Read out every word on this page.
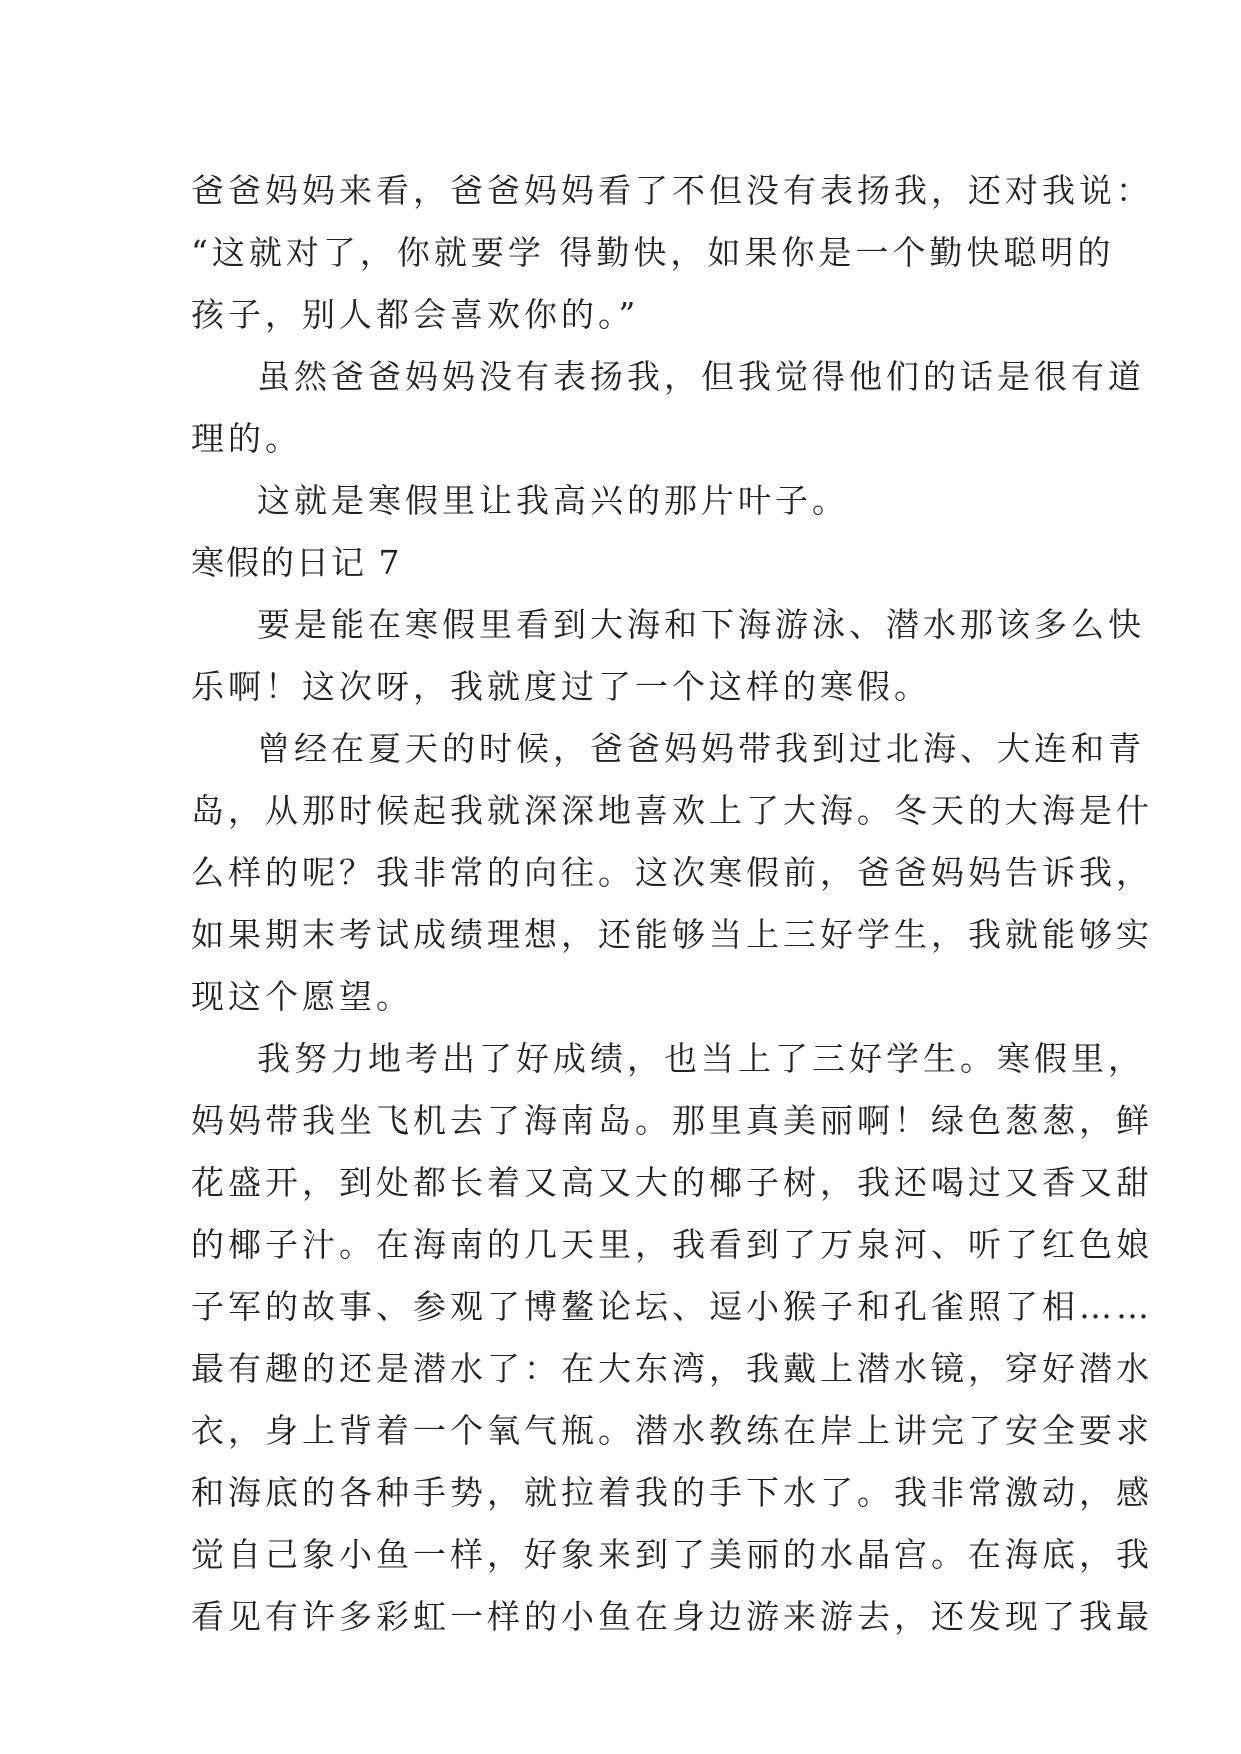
爸爸妈妈来看，爸爸妈妈看了不但没有表扬我，还对我说：
“这就对了，你就要学 得勤快，如果你是一个勤快聪明的
孩子，别人都会喜欢你的。”
虽然爸爸妈妈没有表扬我，但我觉得他们的话是很有道
理的。
这就是寒假里让我高兴的那片叶子。
寒假的日记 7
要是能在寒假里看到大海和下海游泳、潜水那该多么快
乐啊！这次呀，我就度过了一个这样的寒假。
曾经在夏天的时候，爸爸妈妈带我到过北海、大连和青
岛，从那时候起我就深深地喜欢上了大海。冬天的大海是什
么样的呢？我非常的向往。这次寒假前，爸爸妈妈告诉我，
如果期末考试成绩理想，还能够当上三好学生，我就能够实
现这个愿望。
我努力地考出了好成绩，也当上了三好学生。寒假里，
妈妈带我坐飞机去了海南岛。那里真美丽啊！绿色葱葱，鲜
花盛开，到处都长着又高又大的椰子树，我还喝过又香又甜
的椰子汁。在海南的几天里，我看到了万泉河、听了红色娘
子军的故事、参观了博鳌论坛、逗小猴子和孔雀照了相……
最有趣的还是潜水了：在大东湾，我戴上潜水镜，穿好潜水
衣，身上背着一个氧气瓶。潜水教练在岸上讲完了安全要求
和海底的各种手势，就拉着我的手下水了。我非常激动，感
觉自己象小鱼一样，好象来到了美丽的水晶宫。在海底，我
看见有许多彩虹一样的小鱼在身边游来游去，还发现了我最
